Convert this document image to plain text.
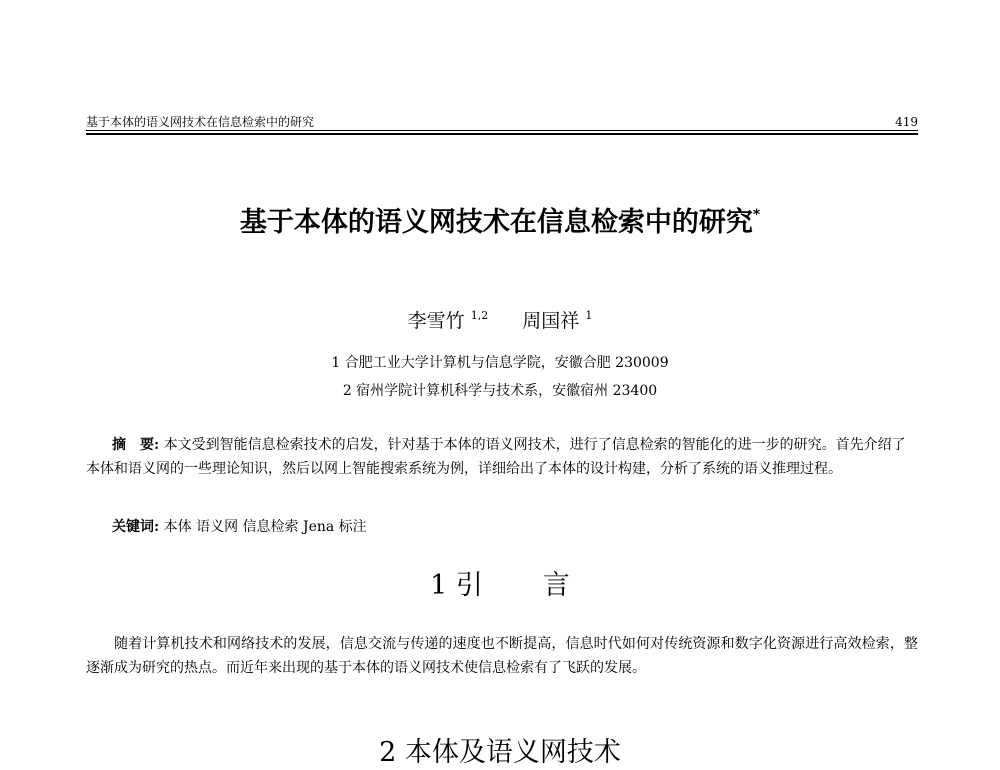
基于本体的语义网技术在信息检索中的研究	419
基于本体的语义网技术在信息检索中的研究*
李雪竹 $^{1,2}$ 周国祥 $^1$
1 合肥工业大学计算机与信息学院，安徽合肥 230009
2 宿州学院计算机科学与技术系，安徽宿州 23400
摘 要: 本文受到智能信息检索技术的启发，针对基于本体的语义网技术，进行了信息检索的智能化的进一步的研究。首先介绍了本体和语义网的一些理论知识，然后以网上智能搜索系统为例，详细给出了本体的设计构建，分析了系统的语义推理过程。
关键词: 本体 语义网 信息检索 Jena 标注
1 引 言
随着计算机技术和网络技术的发展，信息交流与传递的速度也不断提高，信息时代如何对传统资源和数字化资源进行高效检索，整逐渐成为研究的热点。而近年来出现的基于本体的语义网技术使信息检索有了飞跃的发展。
2 本体及语义网技术
